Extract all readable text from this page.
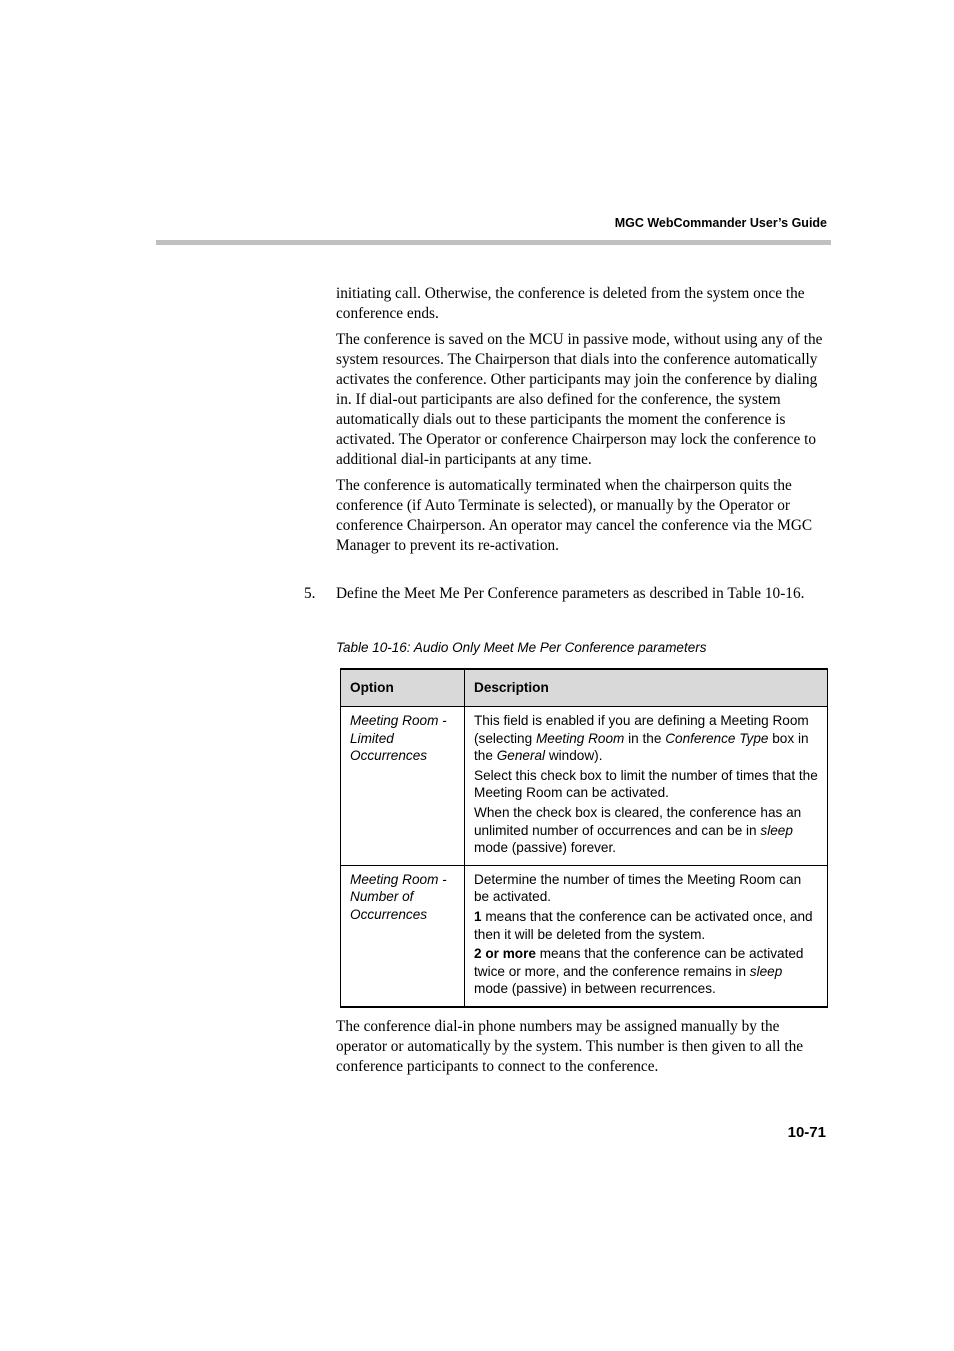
MGC WebCommander User’s Guide

initiating call. Otherwise, the conference is deleted from the system once the conference ends.

The conference is saved on the MCU in passive mode, without using any of the system resources. The Chairperson that dials into the conference automatically activates the conference. Other participants may join the conference by dialing in. If dial-out participants are also defined for the conference, the system automatically dials out to these participants the moment the conference is activated. The Operator or conference Chairperson may lock the conference to additional dial-in participants at any time.

The conference is automatically terminated when the chairperson quits the conference (if Auto Terminate is selected), or manually by the Operator or conference Chairperson. An operator may cancel the conference via the MGC Manager to prevent its re-activation.

5. Define the Meet Me Per Conference parameters as described in Table 10-16.

Table 10-16: Audio Only Meet Me Per Conference parameters
Option	Description
Meeting Room - Limited Occurrences	This field is enabled if you are defining a Meeting Room (selecting Meeting Room in the Conference Type box in the General window).
Select this check box to limit the number of times that the Meeting Room can be activated.
When the check box is cleared, the conference has an unlimited number of occurrences and can be in sleep mode (passive) forever.

Meeting Room - Number of Occurrences	Determine the number of times the Meeting Room can be activated.
1 means that the conference can be activated once, and then it will be deleted from the system.
2 or more means that the conference can be activated twice or more, and the conference remains in sleep mode (passive) in between recurrences.

The conference dial-in phone numbers may be assigned manually by the operator or automatically by the system. This number is then given to all the conference participants to connect to the conference.

10-71
